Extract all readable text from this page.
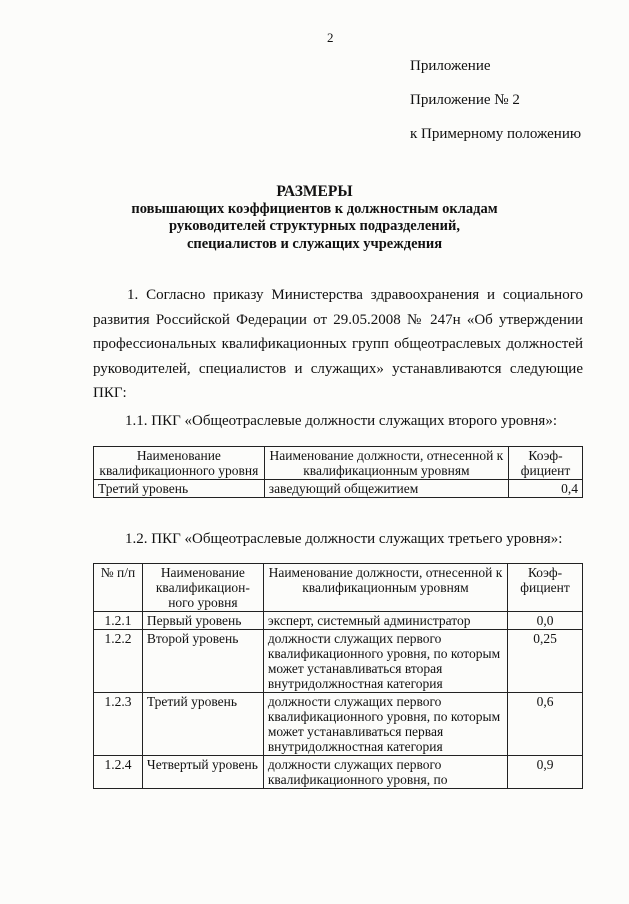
2
Приложение
Приложение № 2
к Примерному положению
РАЗМЕРЫ
повышающих коэффициентов к должностным окладам
руководителей структурных подразделений,
специалистов и служащих учреждения
1. Согласно приказу Министерства здравоохранения и социального развития Российской Федерации от 29.05.2008 № 247н «Об утверждении профессиональных квалификационных групп общеотраслевых должностей руководителей, специалистов и служащих» устанавливаются следующие ПКГ:
1.1. ПКГ «Общеотраслевые должности служащих второго уровня»:
Наименование квалификационного уровня	Наименование должности, отнесенной к квалификационным уровням	Коэф-фициент
Третий уровень	заведующий общежитием	0,4
1.2. ПКГ «Общеотраслевые должности служащих третьего уровня»:
№ п/п	Наименование квалификацион-ного уровня	Наименование должности, отнесенной к квалификационным уровням	Коэф-фициент
1.2.1	Первый уровень	эксперт, системный администратор	0,0
1.2.2	Второй уровень	должности служащих первого квалификационного уровня, по которым может устанавливаться вторая внутридолжностная категория	0,25
1.2.3	Третий уровень	должности служащих первого квалификационного уровня, по которым может устанавливаться первая внутридолжностная категория	0,6
1.2.4	Четвертый уровень	должности служащих первого квалификационного уровня, по	0,9
